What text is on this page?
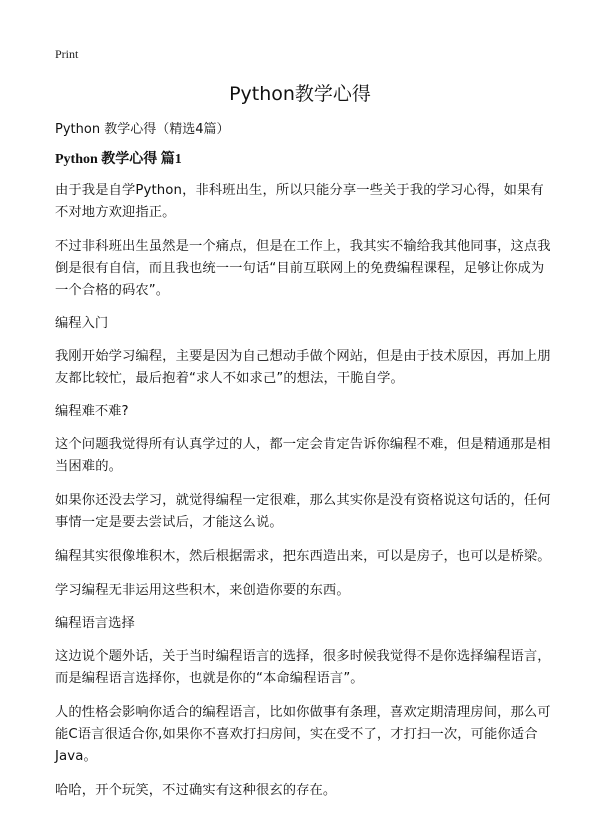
Print
Python教学心得

Python 教学心得（精选4篇）

Python 教学心得 篇1

由于我是自学Python，非科班出生，所以只能分享一些关于我的学习心得，如果有不对地方欢迎指正。

不过非科班出生虽然是一个痛点，但是在工作上，我其实不输给我其他同事，这点我倒是很有自信，而且我也统一一句话“目前互联网上的免费编程课程，足够让你成为一个合格的码农”。

编程入门

我刚开始学习编程，主要是因为自己想动手做个网站，但是由于技术原因，再加上朋友都比较忙，最后抱着“求人不如求己”的想法，干脆自学。

编程难不难?

这个问题我觉得所有认真学过的人，都一定会肯定告诉你编程不难，但是精通那是相当困难的。

如果你还没去学习，就觉得编程一定很难，那么其实你是没有资格说这句话的，任何事情一定是要去尝试后，才能这么说。

编程其实很像堆积木，然后根据需求，把东西造出来，可以是房子，也可以是桥梁。

学习编程无非运用这些积木，来创造你要的东西。

编程语言选择

这边说个题外话，关于当时编程语言的选择，很多时候我觉得不是你选择编程语言，而是编程语言选择你，也就是你的“本命编程语言”。

人的性格会影响你适合的编程语言，比如你做事有条理，喜欢定期清理房间，那么可能C语言很适合你,如果你不喜欢打扫房间，实在受不了，才打扫一次，可能你适合Java。

哈哈，开个玩笑，不过确实有这种很玄的存在。
